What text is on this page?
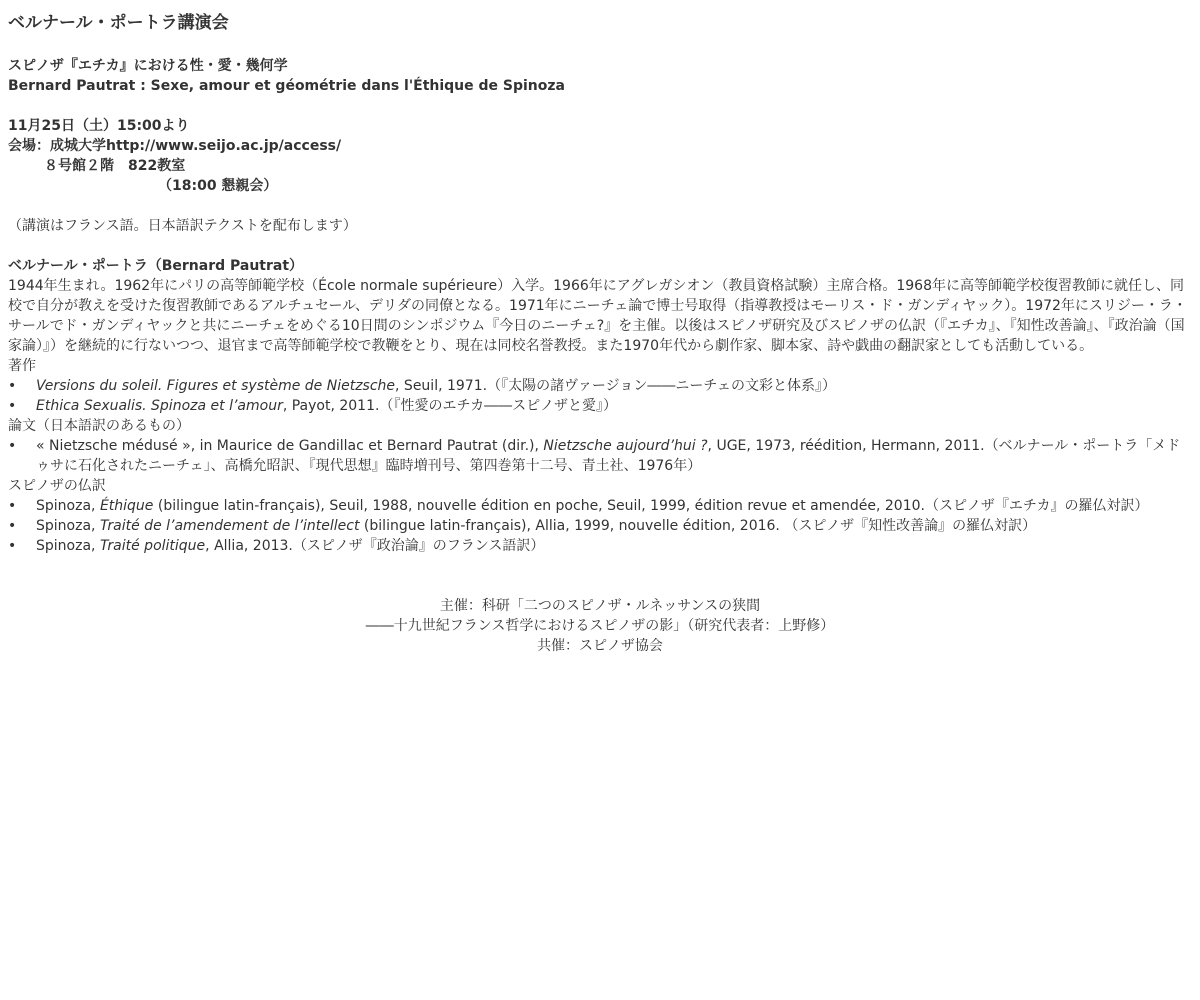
ベルナール・ポートラ講演会
スピノザ『エチカ』における性・愛・幾何学
Bernard Pautrat : Sexe, amour et géométrie dans l'Éthique de Spinoza
11月25日（土）15:00より
会場：成城大学http://www.seijo.ac.jp/access/
８号館２階　822教室
（18:00 懇親会）
（講演はフランス語。日本語訳テクストを配布します）
ベルナール・ポートラ（Bernard Pautrat）
1944年生まれ。1962年にパリの高等師範学校（École normale supérieure）入学。1966年にアグレガシオン（教員資格試験）主席合格。1968年に高等師範学校復習教師に就任し、同校で自分が教えを受けた復習教師であるアルチュセール、デリダの同僚となる。1971年にニーチェ論で博士号取得（指導教授はモーリス・ド・ガンディヤック）。1972年にスリジー・ラ・サールでド・ガンディヤックと共にニーチェをめぐる10日間のシンポジウム『今日のニーチェ?』を主催。以後はスピノザ研究及びスピノザの仏訳（『エチカ』、『知性改善論』、『政治論（国家論）』）を継続的に行ないつつ、退官まで高等師範学校で教鞭をとり、現在は同校名誉教授。また1970年代から劇作家、脚本家、詩や戯曲の翻訳家としても活動している。
著作
•	Versions du soleil. Figures et système de Nietzsche, Seuil, 1971.（『太陽の諸ヴァージョン――ニーチェの文彩と体系』）
•	Ethica Sexualis. Spinoza et l’amour, Payot, 2011.（『性愛のエチカ――スピノザと愛』）
論文（日本語訳のあるもの）
•	« Nietzsche médusé », in Maurice de Gandillac et Bernard Pautrat (dir.), Nietzsche aujourd’hui ?, UGE, 1973, réédition, Hermann, 2011.（ベルナール・ポートラ「メドゥサに石化されたニーチェ」、高橋允昭訳、『現代思想』臨時増刊号、第四巻第十二号、青土社、1976年）
スピノザの仏訳
•	Spinoza, Éthique (bilingue latin-français), Seuil, 1988, nouvelle édition en poche, Seuil, 1999, édition revue et amendée, 2010.（スピノザ『エチカ』の羅仏対訳）
•	Spinoza, Traité de l’amendement de l’intellect (bilingue latin-français), Allia, 1999, nouvelle édition, 2016. （スピノザ『知性改善論』の羅仏対訳）
•	Spinoza, Traité politique, Allia, 2013.（スピノザ『政治論』のフランス語訳）
主催：科研「二つのスピノザ・ルネッサンスの狭間
――十九世紀フランス哲学におけるスピノザの影」（研究代表者：上野修）
共催：スピノザ協会
